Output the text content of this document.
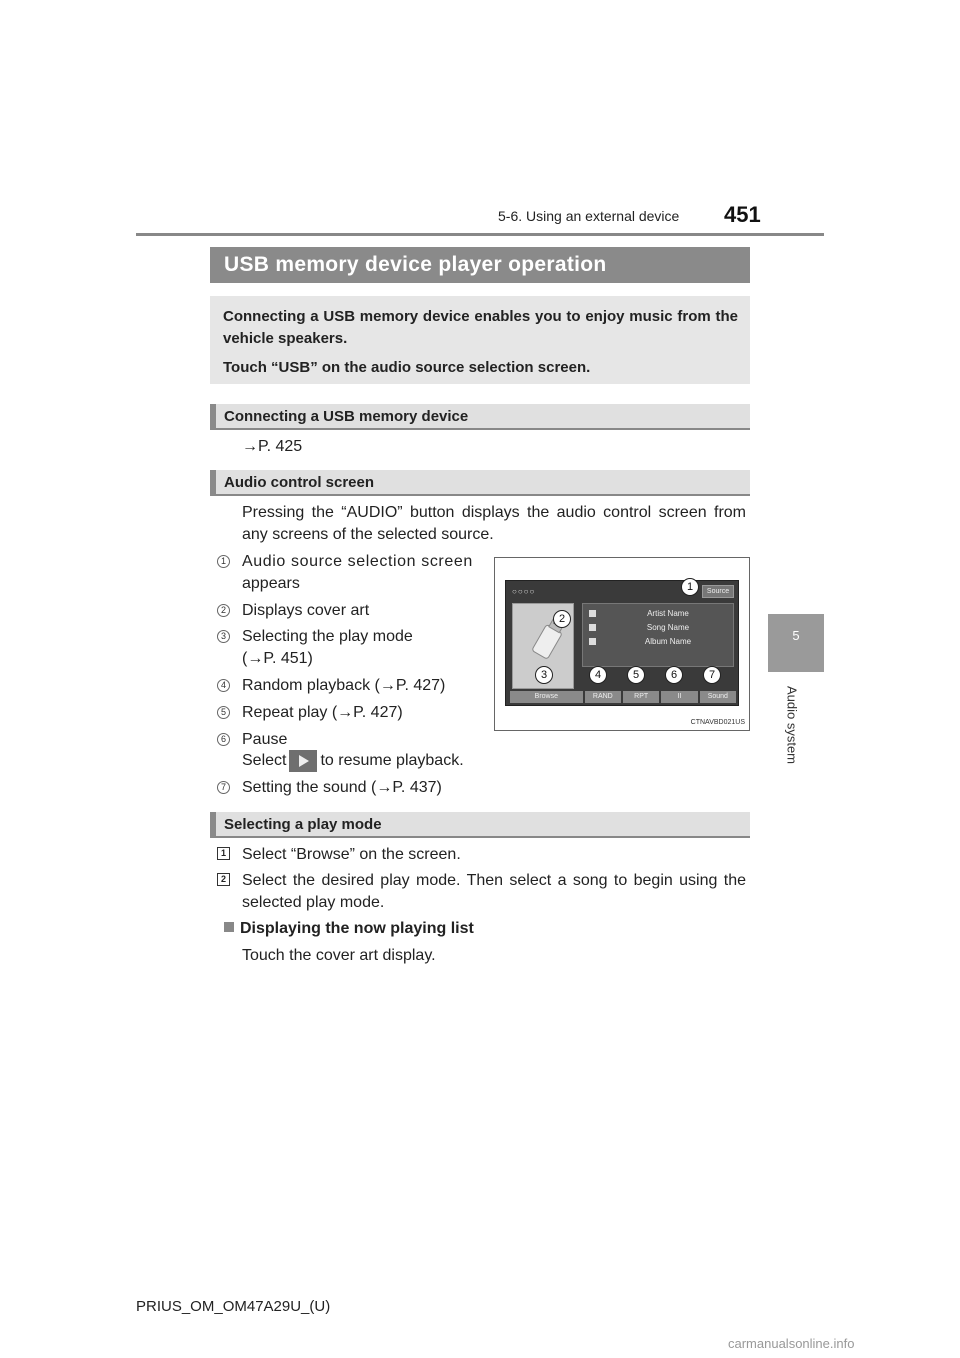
5-6. Using an external device 451
5
Audio system
USB memory device player operation

Connecting a USB memory device enables you to enjoy music from the vehicle speakers.

Touch “USB” on the audio source selection screen.

Connecting a USB memory device
→P. 425
Audio control screen
Pressing the “AUDIO” button displays the audio control screen from any screens of the selected source.
1 Audio source selection screen
appears
2 Displays cover art
3 Selecting the play mode
(→P. 451)
4 Random playback (→P. 427)
5 Repeat play (→P. 427)
6 Pause
Select to resume playback.
7 Setting the sound (→P. 437)
○○○○	Source
Artist Name
Song Name
Album Name
Browse	RAND	RPT	II	Sound
1
2
3	4	5	6	7
CTNAVBD021US
Selecting a play mode
1 Select “Browse” on the screen.
2 Select the desired play mode. Then select a song to begin using the selected play mode.
Displaying the now playing list
Touch the cover art display.
PRIUS_OM_OM47A29U_(U)
carmanualsonline.info
